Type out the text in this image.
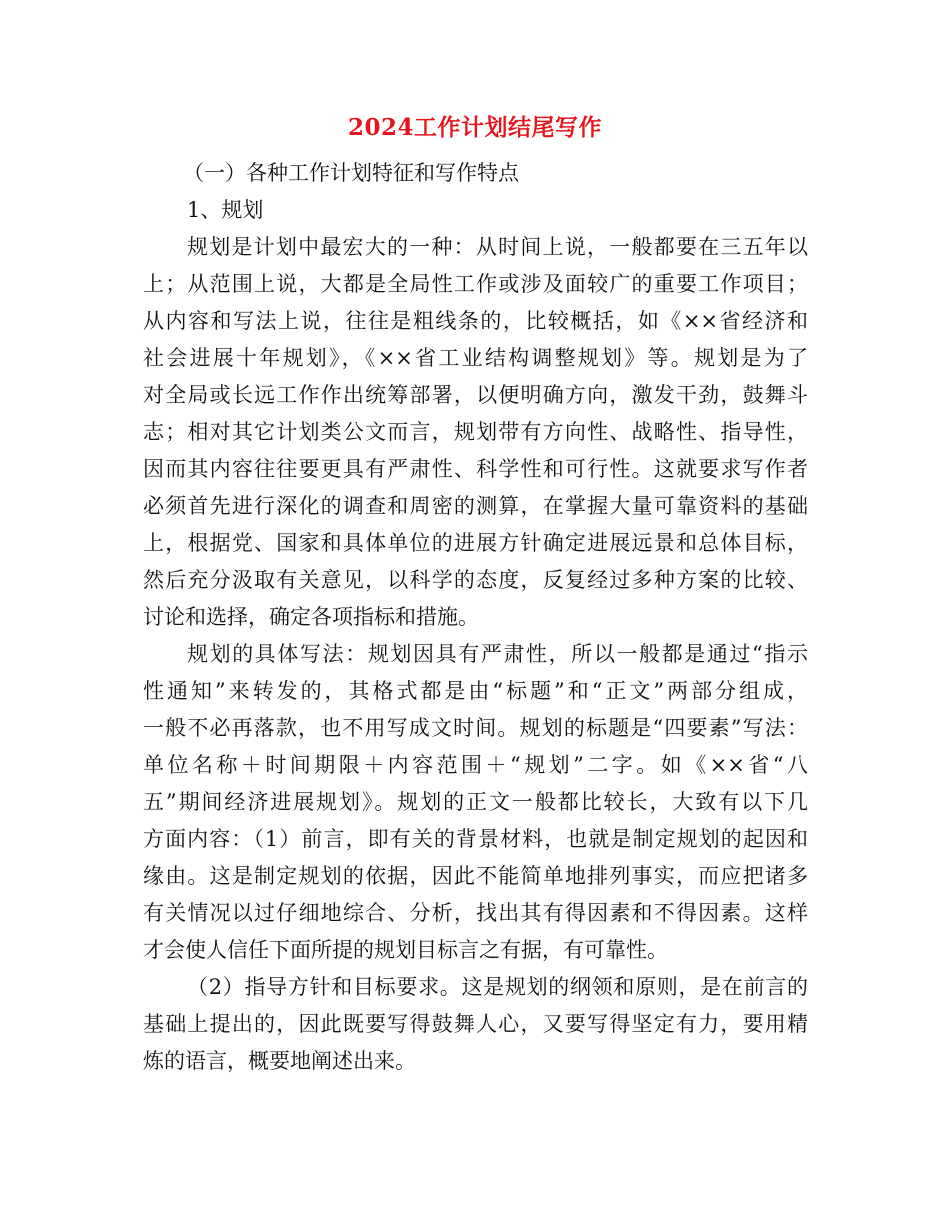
2024工作计划结尾写作
（一）各种工作计划特征和写作特点
1、规划
规划是计划中最宏大的一种：从时间上说，一般都要在三五年以
上；从范围上说，大都是全局性工作或涉及面较广的重要工作项目；
从内容和写法上说，往往是粗线条的，比较概括，如《××省经济和
社会进展十年规划》，《××省工业结构调整规划》等。规划是为了
对全局或长远工作作出统筹部署，以便明确方向，激发干劲，鼓舞斗
志；相对其它计划类公文而言，规划带有方向性、战略性、指导性，
因而其内容往往要更具有严肃性、科学性和可行性。这就要求写作者
必须首先进行深化的调查和周密的测算，在掌握大量可靠资料的基础
上，根据党、国家和具体单位的进展方针确定进展远景和总体目标，
然后充分汲取有关意见，以科学的态度，反复经过多种方案的比较、
讨论和选择，确定各项指标和措施。
规划的具体写法：规划因具有严肃性，所以一般都是通过“指示
性通知”来转发的，其格式都是由“标题”和“正文”两部分组成，
一般不必再落款，也不用写成文时间。规划的标题是“四要素”写法：
单位名称＋时间期限＋内容范围＋“规划”二字。如《××省“八
五”期间经济进展规划》。规划的正文一般都比较长，大致有以下几
方面内容：（1）前言，即有关的背景材料，也就是制定规划的起因和
缘由。这是制定规划的依据，因此不能简单地排列事实，而应把诸多
有关情况以过仔细地综合、分析，找出其有得因素和不得因素。这样
才会使人信任下面所提的规划目标言之有据，有可靠性。
（2）指导方针和目标要求。这是规划的纲领和原则，是在前言的
基础上提出的，因此既要写得鼓舞人心，又要写得坚定有力，要用精
炼的语言，概要地阐述出来。
